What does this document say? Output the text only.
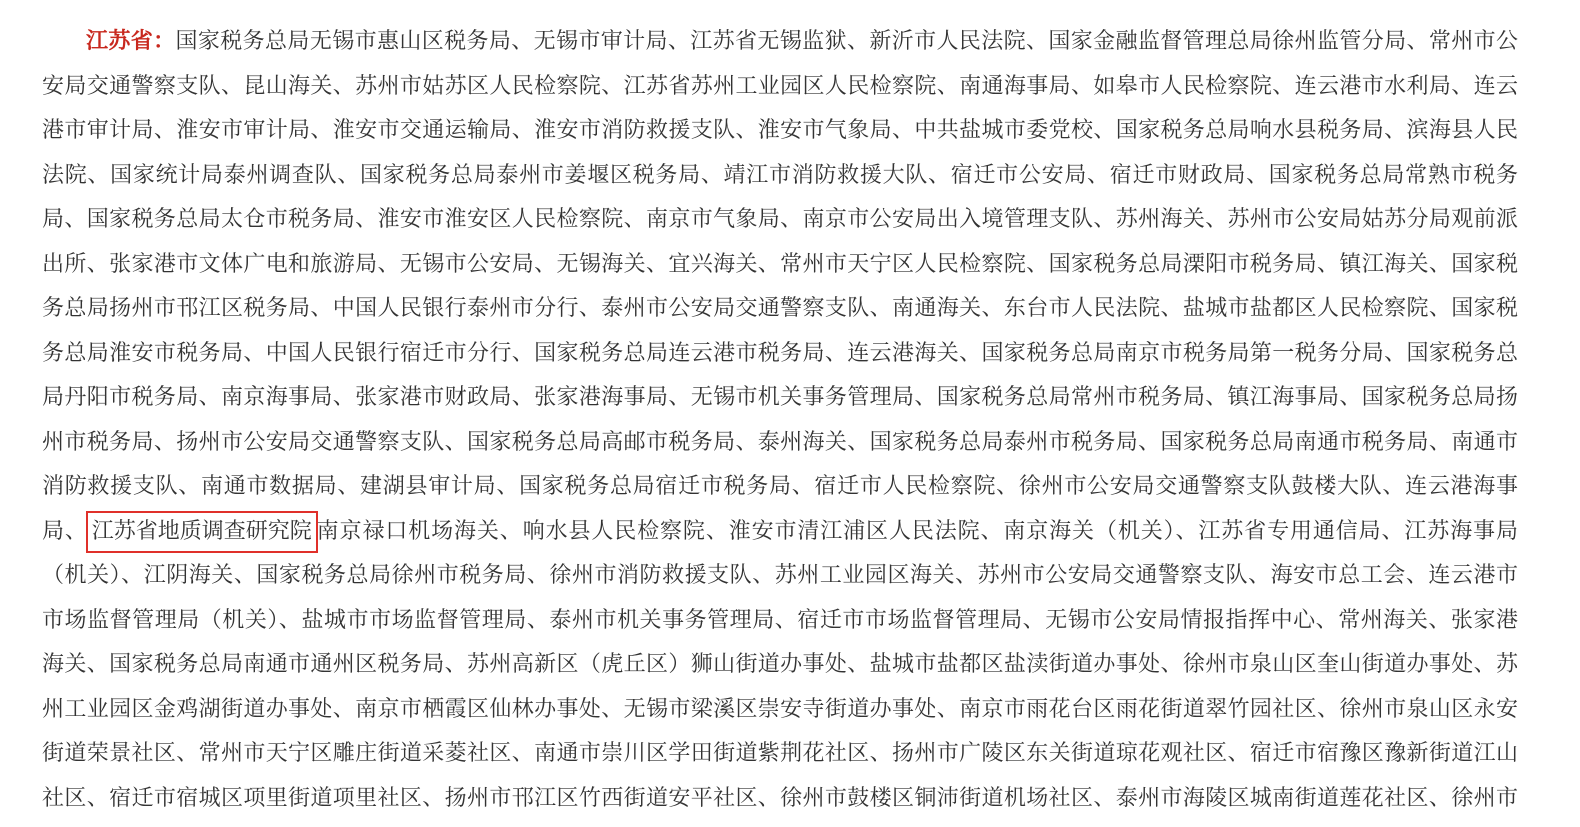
江苏省：国家税务总局无锡市惠山区税务局、无锡市审计局、江苏省无锡监狱、新沂市人民法院、国家金融监督管理总局徐州监管分局、常州市公
安局交通警察支队、昆山海关、苏州市姑苏区人民检察院、江苏省苏州工业园区人民检察院、南通海事局、如皋市人民检察院、连云港市水利局、连云
港市审计局、淮安市审计局、淮安市交通运输局、淮安市消防救援支队、淮安市气象局、中共盐城市委党校、国家税务总局响水县税务局、滨海县人民
法院、国家统计局泰州调查队、国家税务总局泰州市姜堰区税务局、靖江市消防救援大队、宿迁市公安局、宿迁市财政局、国家税务总局常熟市税务
局、国家税务总局太仓市税务局、淮安市淮安区人民检察院、南京市气象局、南京市公安局出入境管理支队、苏州海关、苏州市公安局姑苏分局观前派
出所、张家港市文体广电和旅游局、无锡市公安局、无锡海关、宜兴海关、常州市天宁区人民检察院、国家税务总局溧阳市税务局、镇江海关、国家税
务总局扬州市邗江区税务局、中国人民银行泰州市分行、泰州市公安局交通警察支队、南通海关、东台市人民法院、盐城市盐都区人民检察院、国家税
务总局淮安市税务局、中国人民银行宿迁市分行、国家税务总局连云港市税务局、连云港海关、国家税务总局南京市税务局第一税务分局、国家税务总
局丹阳市税务局、南京海事局、张家港市财政局、张家港海事局、无锡市机关事务管理局、国家税务总局常州市税务局、镇江海事局、国家税务总局扬
州市税务局、扬州市公安局交通警察支队、国家税务总局高邮市税务局、泰州海关、国家税务总局泰州市税务局、国家税务总局南通市税务局、南通市
消防救援支队、南通市数据局、建湖县审计局、国家税务总局宿迁市税务局、宿迁市人民检察院、徐州市公安局交通警察支队鼓楼大队、连云港海事
局、 江苏省地质调查研究院 南京禄口机场海关、响水县人民检察院、淮安市清江浦区人民法院、南京海关（机关）、江苏省专用通信局、江苏海事局
（机关）、江阴海关、国家税务总局徐州市税务局、徐州市消防救援支队、苏州工业园区海关、苏州市公安局交通警察支队、海安市总工会、连云港市
市场监督管理局（机关）、盐城市市场监督管理局、泰州市机关事务管理局、宿迁市市场监督管理局、无锡市公安局情报指挥中心、常州海关、张家港
海关、国家税务总局南通市通州区税务局、苏州高新区（虎丘区）狮山街道办事处、盐城市盐都区盐渎街道办事处、徐州市泉山区奎山街道办事处、苏
州工业园区金鸡湖街道办事处、南京市栖霞区仙林办事处、无锡市梁溪区崇安寺街道办事处、南京市雨花台区雨花街道翠竹园社区、徐州市泉山区永安
街道荣景社区、常州市天宁区雕庄街道采菱社区、南通市崇川区学田街道紫荆花社区、扬州市广陵区东关街道琼花观社区、宿迁市宿豫区豫新街道江山
社区、宿迁市宿城区项里街道项里社区、扬州市邗江区竹西街道安平社区、徐州市鼓楼区铜沛街道机场社区、泰州市海陵区城南街道莲花社区、徐州市
